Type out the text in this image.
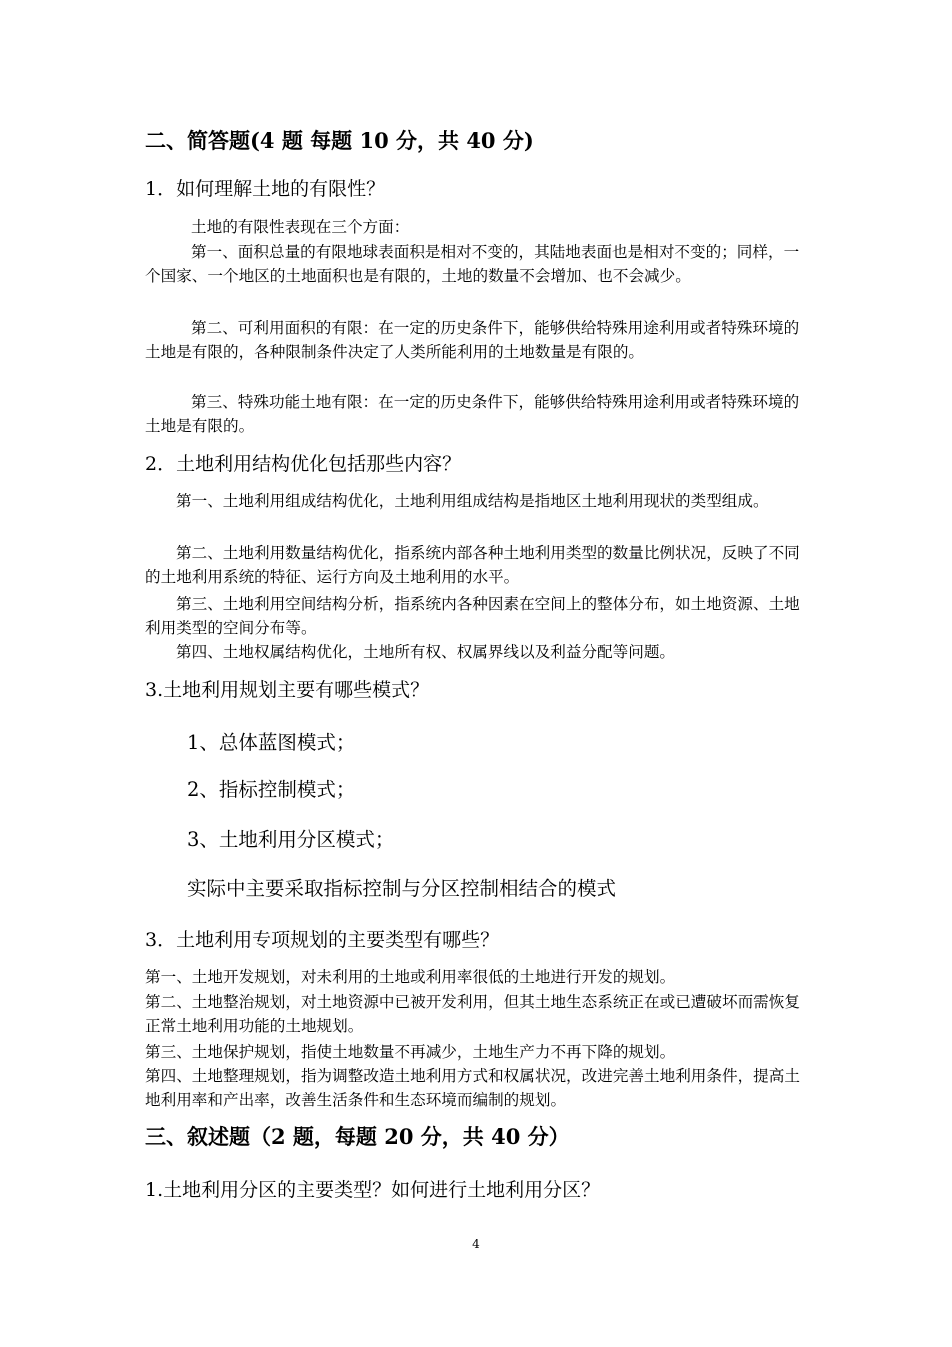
二、简答题(4 题 每题 10 分，共 40 分)
1．如何理解土地的有限性？
土地的有限性表现在三个方面：
第一、面积总量的有限地球表面积是相对不变的，其陆地表面也是相对不变的；同样，一个国家、一个地区的土地面积也是有限的，土地的数量不会增加、也不会减少。
第二、可利用面积的有限：在一定的历史条件下，能够供给特殊用途利用或者特殊环境的土地是有限的，各种限制条件决定了人类所能利用的土地数量是有限的。
第三、特殊功能土地有限：在一定的历史条件下，能够供给特殊用途利用或者特殊环境的土地是有限的。
2．土地利用结构优化包括那些内容？
第一、土地利用组成结构优化，土地利用组成结构是指地区土地利用现状的类型组成。
第二、土地利用数量结构优化，指系统内部各种土地利用类型的数量比例状况，反映了不同的土地利用系统的特征、运行方向及土地利用的水平。
第三、土地利用空间结构分析，指系统内各种因素在空间上的整体分布，如土地资源、土地利用类型的空间分布等。
第四、土地权属结构优化，土地所有权、权属界线以及利益分配等问题。
3.土地利用规划主要有哪些模式？
1、总体蓝图模式；
2、指标控制模式；
3、土地利用分区模式；
实际中主要采取指标控制与分区控制相结合的模式
3．土地利用专项规划的主要类型有哪些？
第一、土地开发规划，对未利用的土地或利用率很低的土地进行开发的规划。
第二、土地整治规划，对土地资源中已被开发利用，但其土地生态系统正在或已遭破坏而需恢复正常土地利用功能的土地规划。
第三、土地保护规划，指使土地数量不再减少，土地生产力不再下降的规划。
第四、土地整理规划，指为调整改造土地利用方式和权属状况，改进完善土地利用条件，提高土地利用率和产出率，改善生活条件和生态环境而编制的规划。
三、叙述题（2 题，每题 20 分，共 40 分）
1.土地利用分区的主要类型？如何进行土地利用分区？
4
